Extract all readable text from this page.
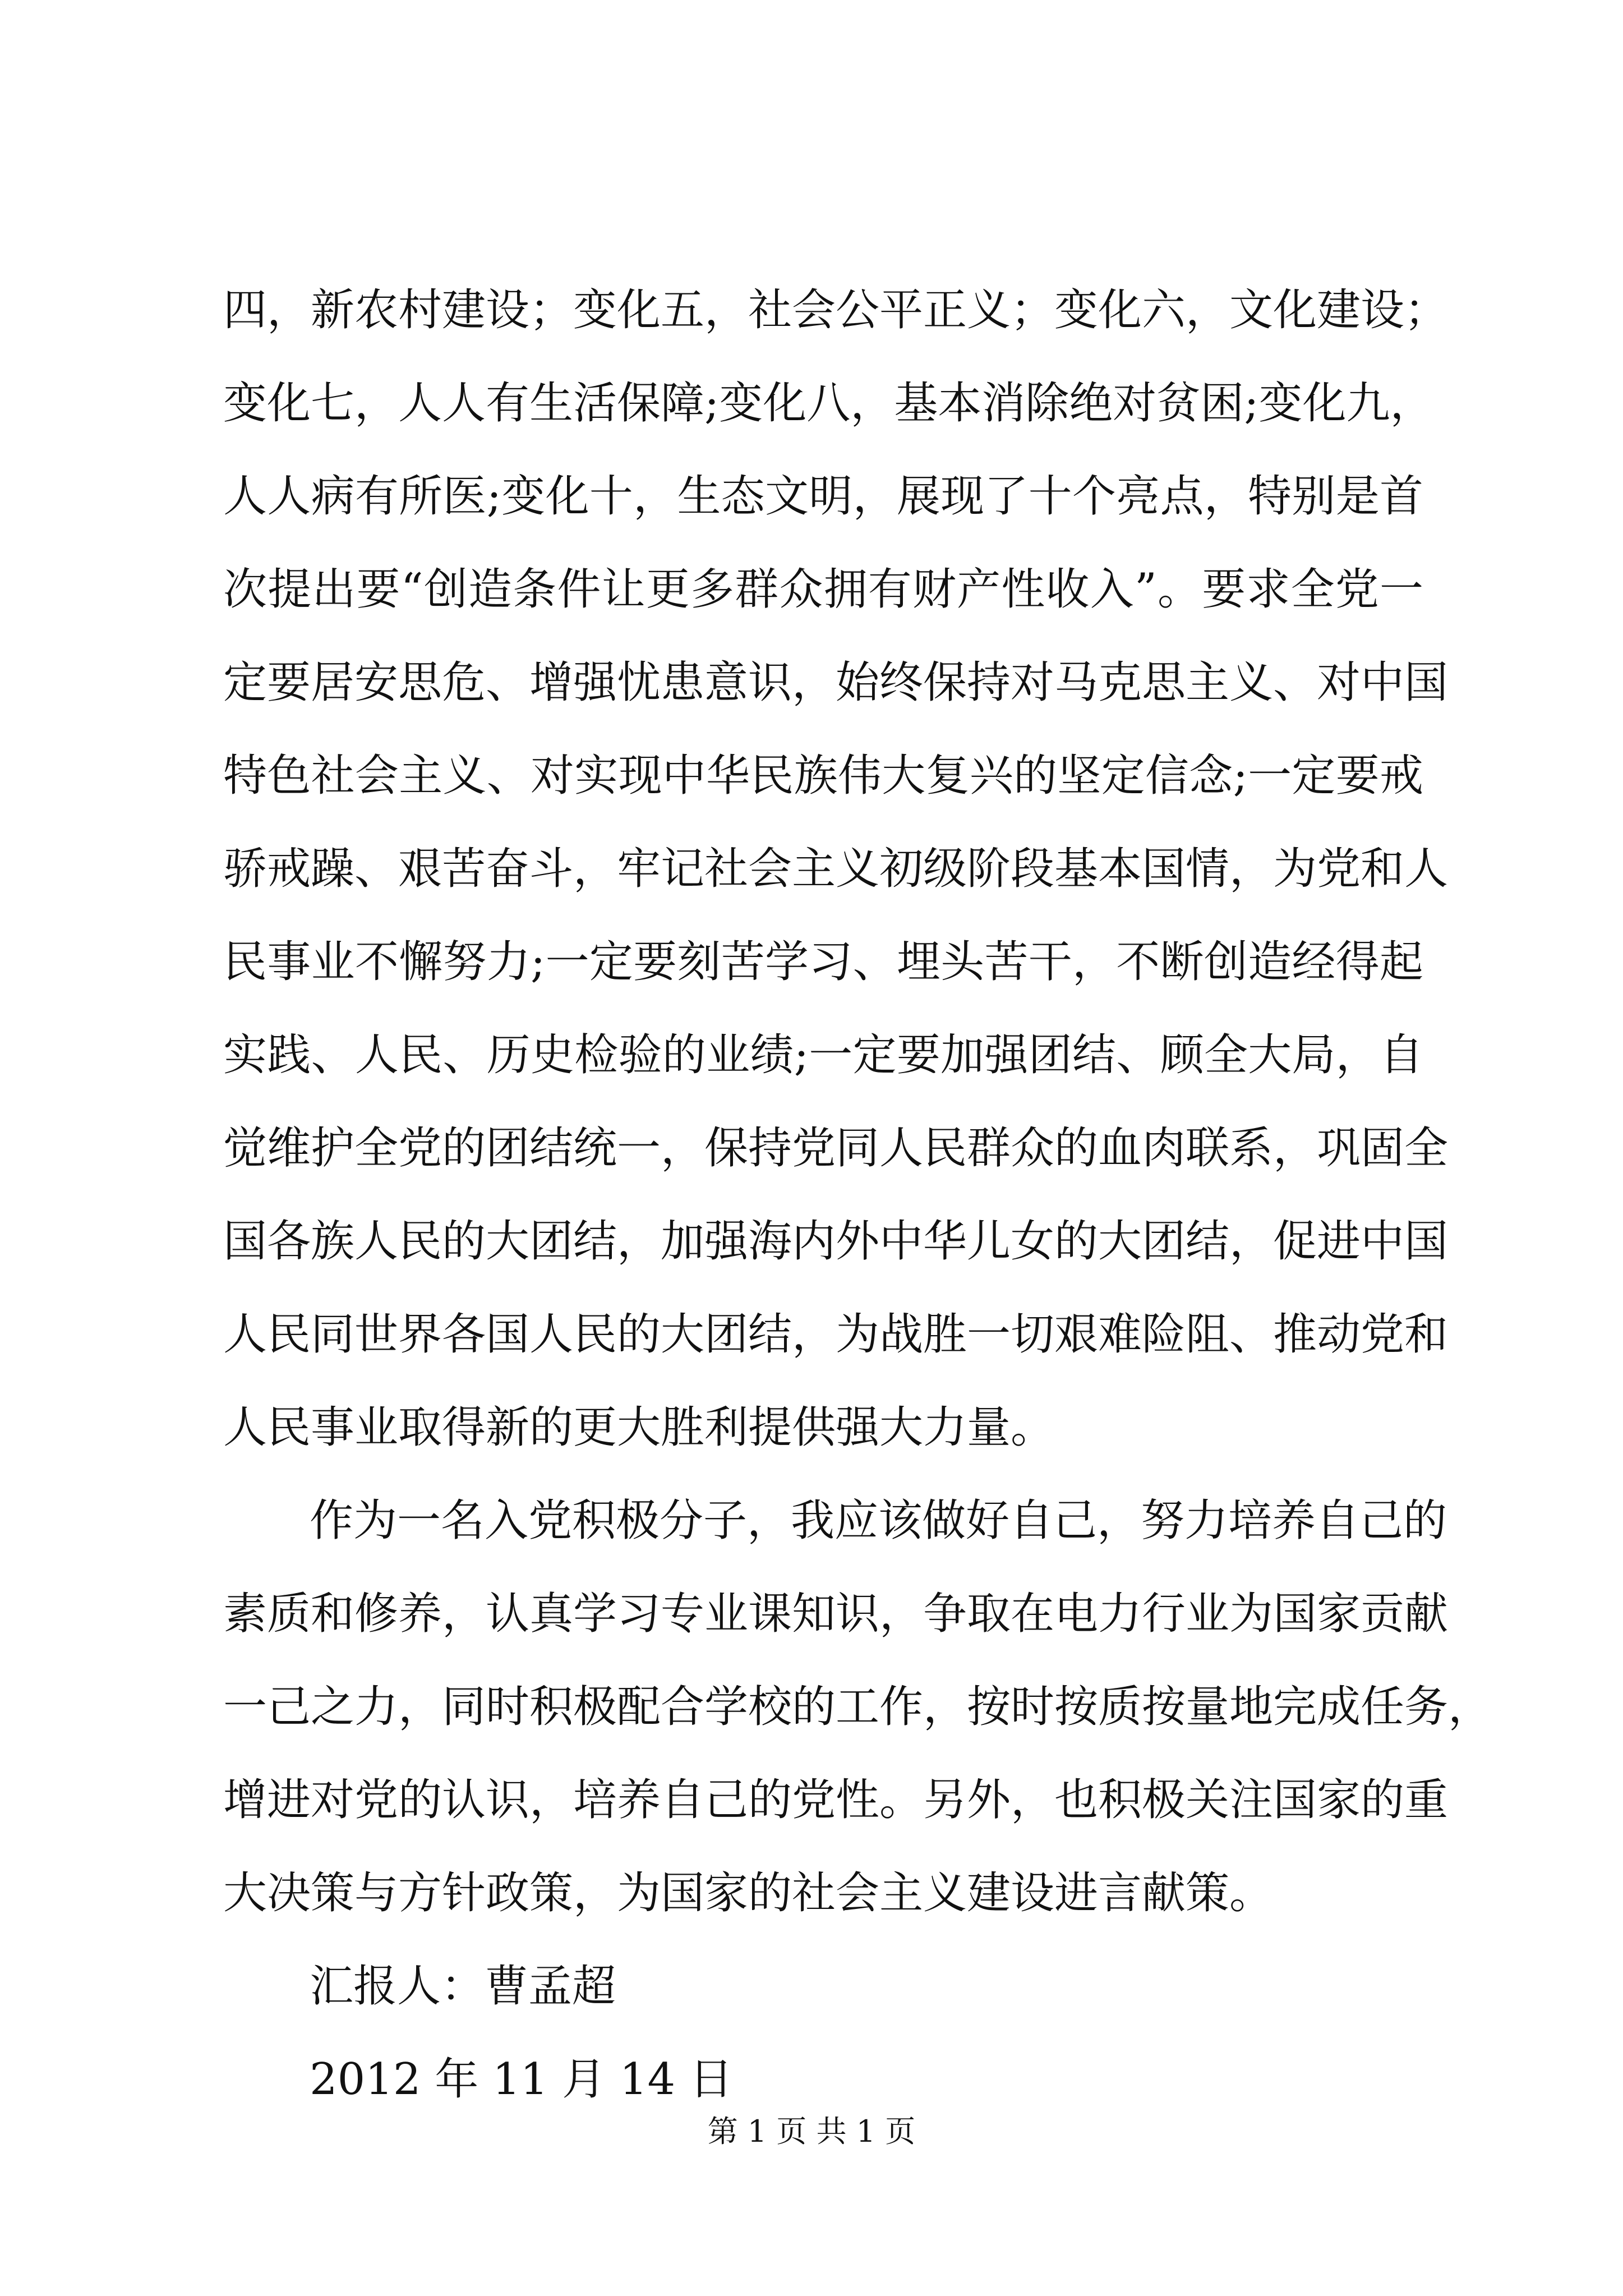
四，新农村建设；变化五，社会公平正义；变化六，文化建设；
变化七，人人有生活保障;变化八，基本消除绝对贫困;变化九，
人人病有所医;变化十，生态文明，展现了十个亮点，特别是首
次提出要“创造条件让更多群众拥有财产性收入”。要求全党一
定要居安思危、增强忧患意识，始终保持对马克思主义、对中国
特色社会主义、对实现中华民族伟大复兴的坚定信念;一定要戒
骄戒躁、艰苦奋斗，牢记社会主义初级阶段基本国情，为党和人
民事业不懈努力;一定要刻苦学习、埋头苦干，不断创造经得起
实践、人民、历史检验的业绩;一定要加强团结、顾全大局，自
觉维护全党的团结统一，保持党同人民群众的血肉联系，巩固全
国各族人民的大团结，加强海内外中华儿女的大团结，促进中国
人民同世界各国人民的大团结，为战胜一切艰难险阻、推动党和
人民事业取得新的更大胜利提供强大力量。
作为一名入党积极分子，我应该做好自己，努力培养自己的
素质和修养，认真学习专业课知识，争取在电力行业为国家贡献
一己之力，同时积极配合学校的工作，按时按质按量地完成任务，
增进对党的认识，培养自己的党性。另外，也积极关注国家的重
大决策与方针政策，为国家的社会主义建设进言献策。
汇报人：曹孟超
2012 年 11 月 14 日
第 1 页 共 1 页
